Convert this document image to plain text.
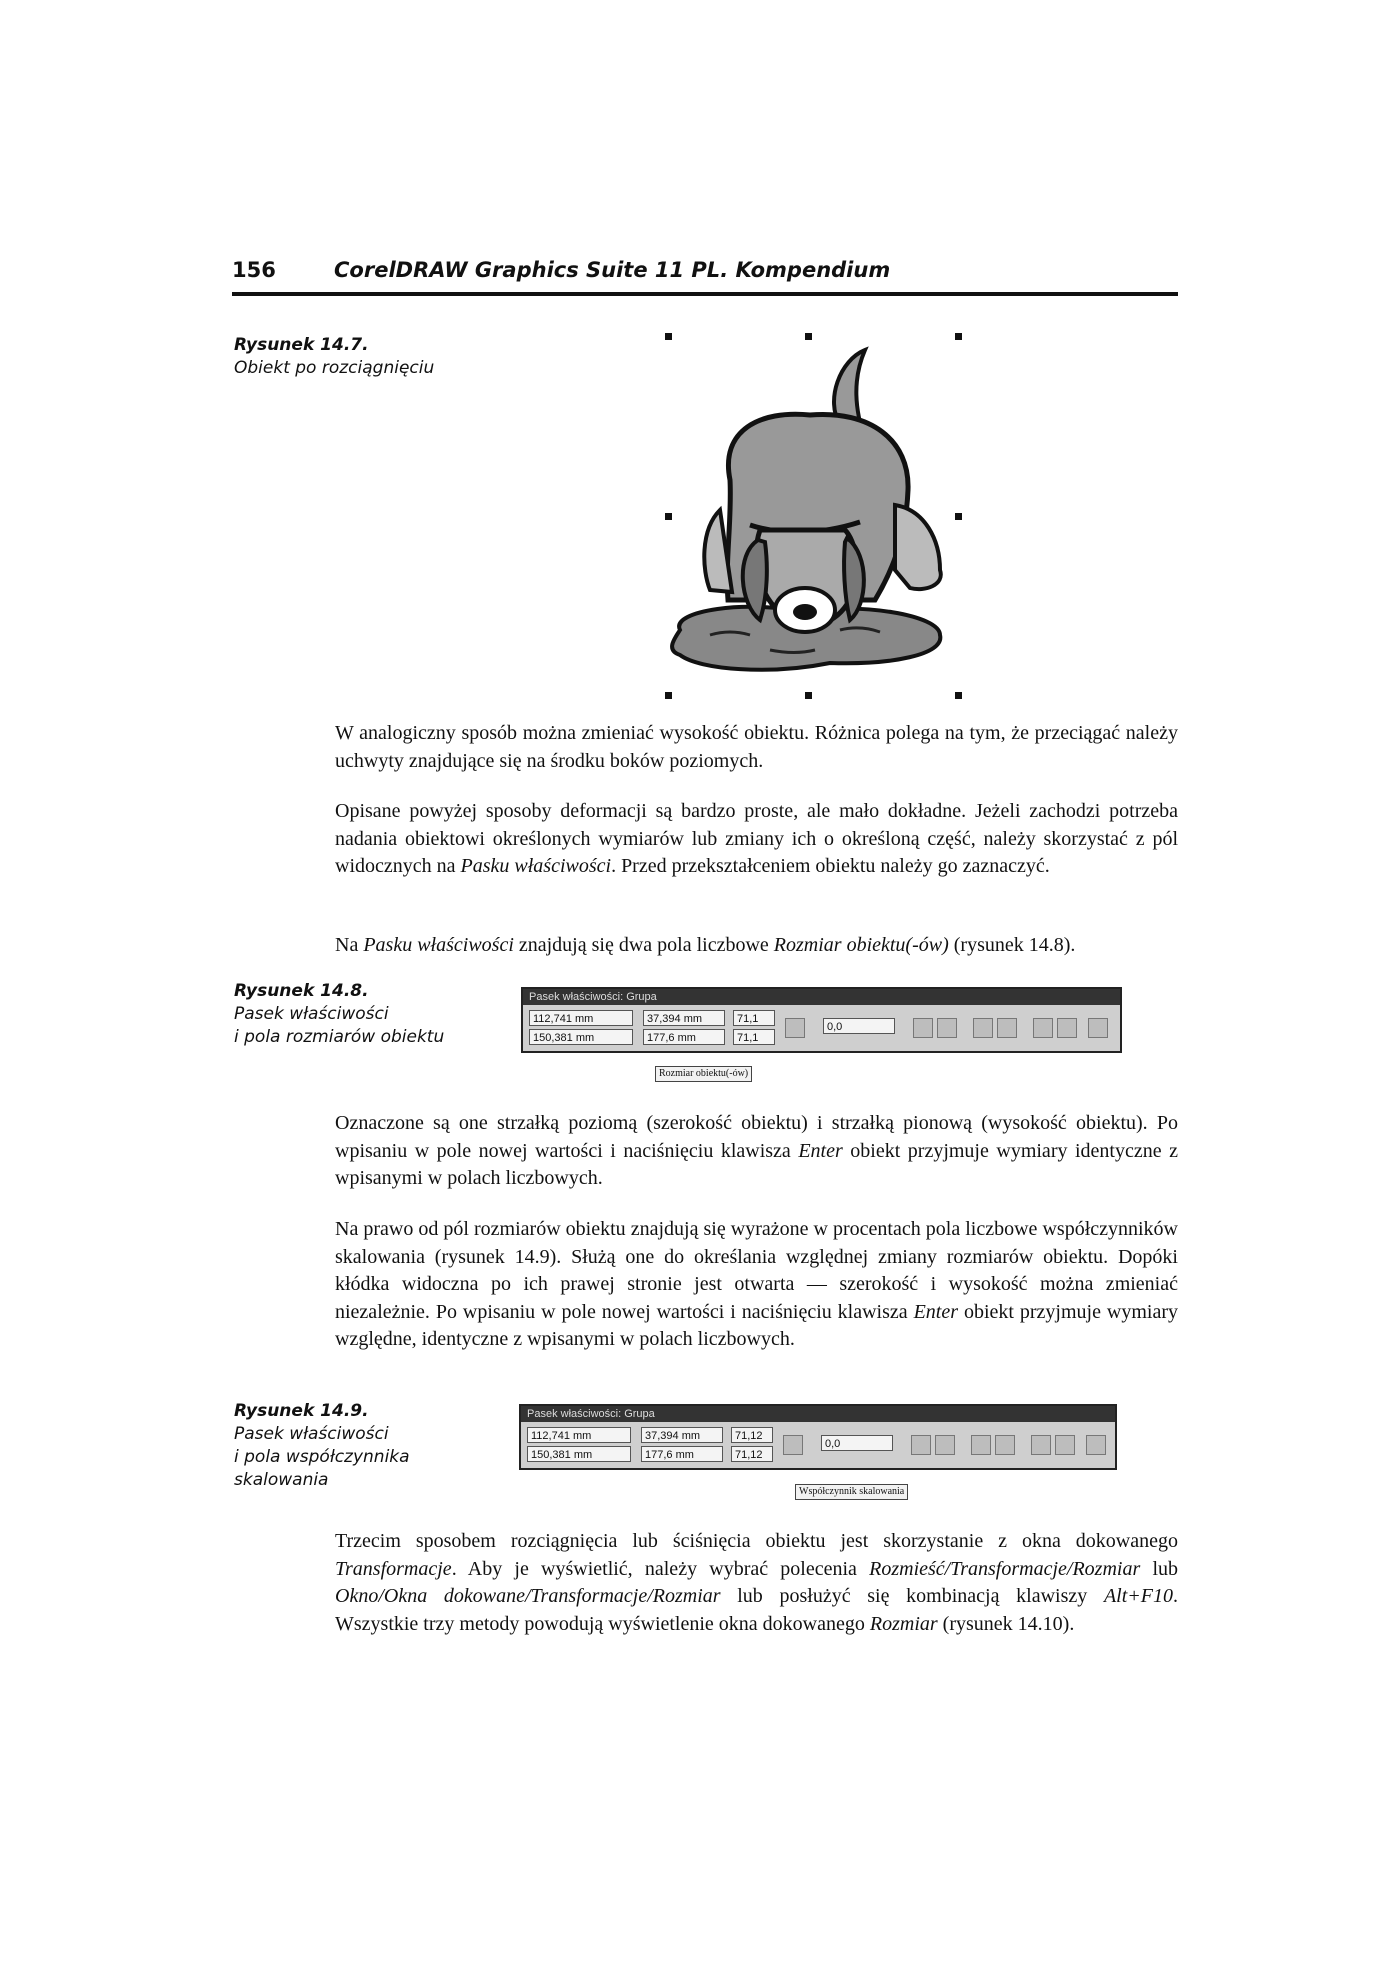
156	CorelDRAW Graphics Suite 11 PL. Kompendium
Rysunek 14.7.
Obiekt po rozciągnięciu

W analogiczny sposób można zmieniać wysokość obiektu. Różnica polega na tym, że przeciągać należy uchwyty znajdujące się na środku boków poziomych.

Opisane powyżej sposoby deformacji są bardzo proste, ale mało dokładne. Jeżeli zachodzi potrzeba nadania obiektowi określonych wymiarów lub zmiany ich o określoną część, należy skorzystać z pól widocznych na Pasku właściwości. Przed przekształceniem obiektu należy go zaznaczyć.

Na Pasku właściwości znajdują się dwa pola liczbowe Rozmiar obiektu(-ów) (rysunek 14.8).

Rysunek 14.8.
Pasek właściwości
i pola rozmiarów obiektu
Pasek właściwości: Grupa
112,741 mm
150,381 mm
37,394 mm
177,6 mm
71,1
71,1
0,0
Rozmiar obiektu(-ów)

Oznaczone są one strzałką poziomą (szerokość obiektu) i strzałką pionową (wysokość obiektu). Po wpisaniu w pole nowej wartości i naciśnięciu klawisza Enter obiekt przyjmuje wymiary identyczne z wpisanymi w polach liczbowych.

Na prawo od pól rozmiarów obiektu znajdują się wyrażone w procentach pola liczbowe współczynników skalowania (rysunek 14.9). Służą one do określania względnej zmiany rozmiarów obiektu. Dopóki kłódka widoczna po ich prawej stronie jest otwarta — szerokość i wysokość można zmieniać niezależnie. Po wpisaniu w pole nowej wartości i naciśnięciu klawisza Enter obiekt przyjmuje wymiary względne, identyczne z wpisanymi w polach liczbowych.

Rysunek 14.9.
Pasek właściwości
i pola współczynnika
skalowania
Pasek właściwości: Grupa
112,741 mm
150,381 mm
37,394 mm
177,6 mm
71,12
71,12
0,0
Współczynnik skalowania

Trzecim sposobem rozciągnięcia lub ściśnięcia obiektu jest skorzystanie z okna dokowanego Transformacje. Aby je wyświetlić, należy wybrać polecenia Rozmieść/Transformacje/Rozmiar lub Okno/Okna dokowane/Transformacje/Rozmiar lub posłużyć się kombinacją klawiszy Alt+F10. Wszystkie trzy metody powodują wyświetlenie okna dokowanego Rozmiar (rysunek 14.10).
